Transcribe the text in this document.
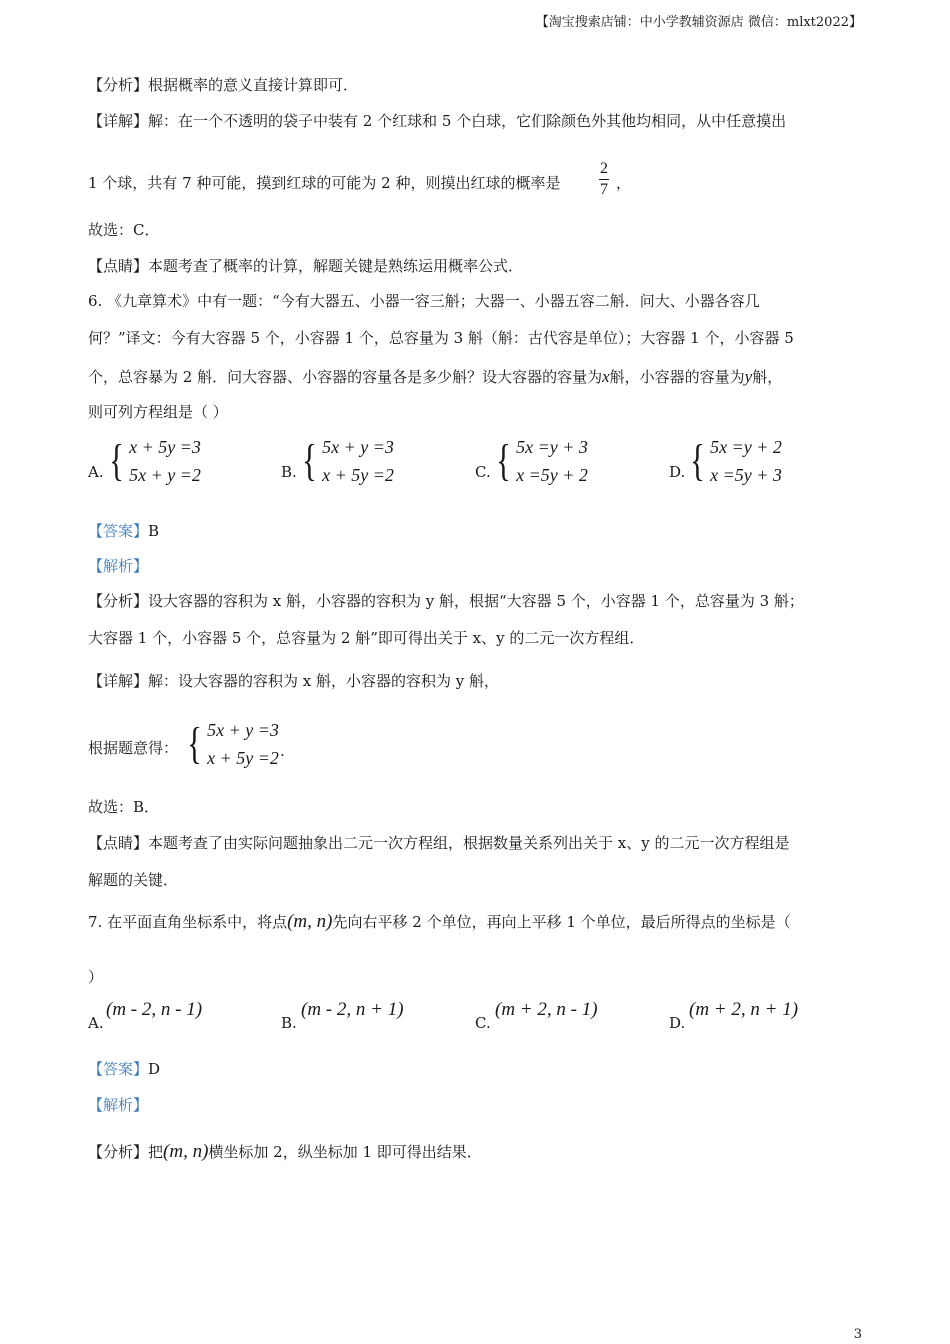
【淘宝搜索店铺：中小学教辅资源店 微信：mlxt2022】
【分析】根据概率的意义直接计算即可．
【详解】解：在一个不透明的袋子中装有 2 个红球和 5 个白球，它们除颜色外其他均相同，从中任意摸出
1 个球，共有 7 种可能，摸到红球的可能为 2 种，则摸出红球的概率是
2
7 ，
故选：C．
【点睛】本题考查了概率的计算，解题关键是熟练运用概率公式．
6. 《九章算术》中有一题：“今有大器五、小器一容三斛；大器一、小器五容二斛．问大、小器各容几
何？”译文：今有大容器 5 个，小容器 1 个，总容量为 3 斛（斛：古代容是单位）；大容器 1 个，小容器 5
个，总容暴为 2 斛．问大容器、小容器的容量各是多少斛？设大容器的容量为x斛，小容器的容量为y斛，
则可列方程组是（ ）
A. { x + 5y =3
5x + y =2	B. { 5x + y =3
x + 5y =2	C. { 5x =y + 3
x =5y + 2	D. { 5x =y + 2
x =5y + 3
【答案】B
【解析】
【分析】设大容器的容积为 x 斛，小容器的容积为 y 斛，根据“大容器 5 个，小容器 1 个，总容量为 3 斛；
大容器 1 个，小容器 5 个，总容量为 2 斛”即可得出关于 x、y 的二元一次方程组．
【详解】解：设大容器的容积为 x 斛，小容器的容积为 y 斛，
根据题意得： { 5x + y =3
x + 5y =2 .
故选：B．
【点睛】本题考查了由实际问题抽象出二元一次方程组，根据数量关系列出关于 x、y 的二元一次方程组是
解题的关键．
7. 在平面直角坐标系中，将点(m, n)先向右平移 2 个单位，再向上平移 1 个单位，最后所得点的坐标是（
）
A.
(m - 2, n - 1)
B.
(m - 2, n + 1)
C.
(m + 2, n - 1)
D.
(m + 2, n + 1)
【答案】D
【解析】
【分析】把(m, n)横坐标加 2，纵坐标加 1 即可得出结果．
3
